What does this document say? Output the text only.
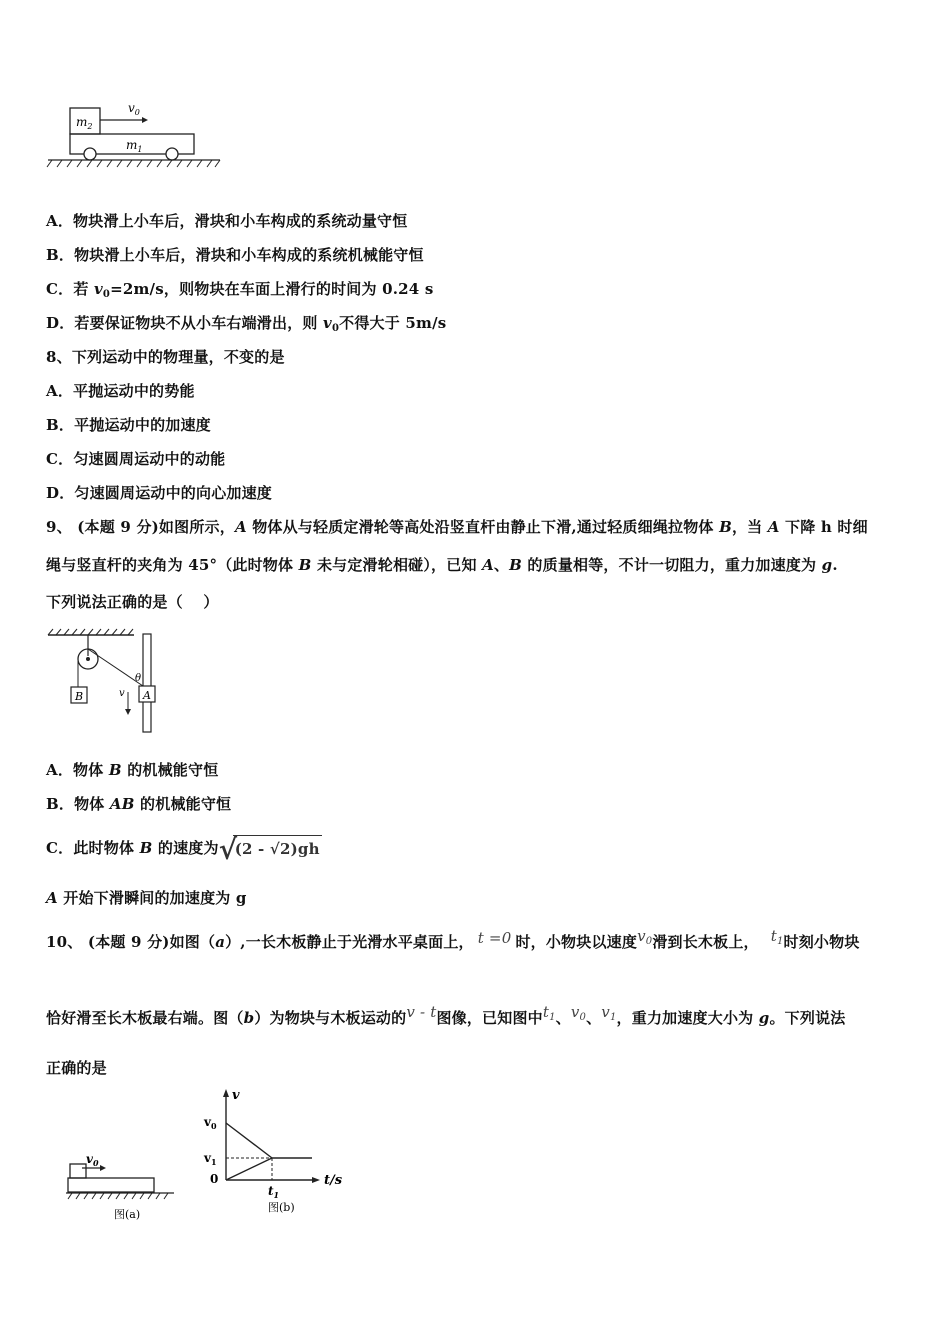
$m_2$
$m_1$
$v_0$
A．物块滑上小车后，滑块和小车构成的系统动量守恒
B．物块滑上小车后，滑块和小车构成的系统机械能守恒
C．若 $v_0=2m/s$，则物块在车面上滑行的时间为 0.24 s
D．若要保证物块不从小车右端滑出，则 $v_0$不得大于 5m/s
8、下列运动中的物理量，不变的是
A．平抛运动中的势能
B．平抛运动中的加速度
C．匀速圆周运动中的动能
D．匀速圆周运动中的向心加速度
9、 (本题 9 分)如图所示，A 物体从与轻质定滑轮等高处沿竖直杆由静止下滑,通过轻质细绳拉物体 B，当 A 下降 h 时细
绳与竖直杆的夹角为 45°（此时物体 B 未与定滑轮相碰），已知 A、B 的质量相等，不计一切阻力，重力加速度为 g.
下列说法正确的是（　 ）
B	A
θ
v
A．物体 B 的机械能守恒
B．物体 AB 的机械能守恒
C．此时物体 B 的速度为 √
(2 - √2)gh
A 开始下滑瞬间的加速度为 g
10、 (本题 9 分)如图（a）,一长木板静止于光滑水平桌面上， t =0 时，小物块以速度$v_0$滑到长木板上， $t_1$时刻小物块
恰好滑至长木板最右端。图（b）为物块与木板运动的v - t图像，已知图中$t_1$、$v_0$、$v_1$，重力加速度大小为 g。下列说法
正确的是
$v_0$
图(a)
v
t/s
$v_0$
$v_1$
0
$t_1$
图(b)
